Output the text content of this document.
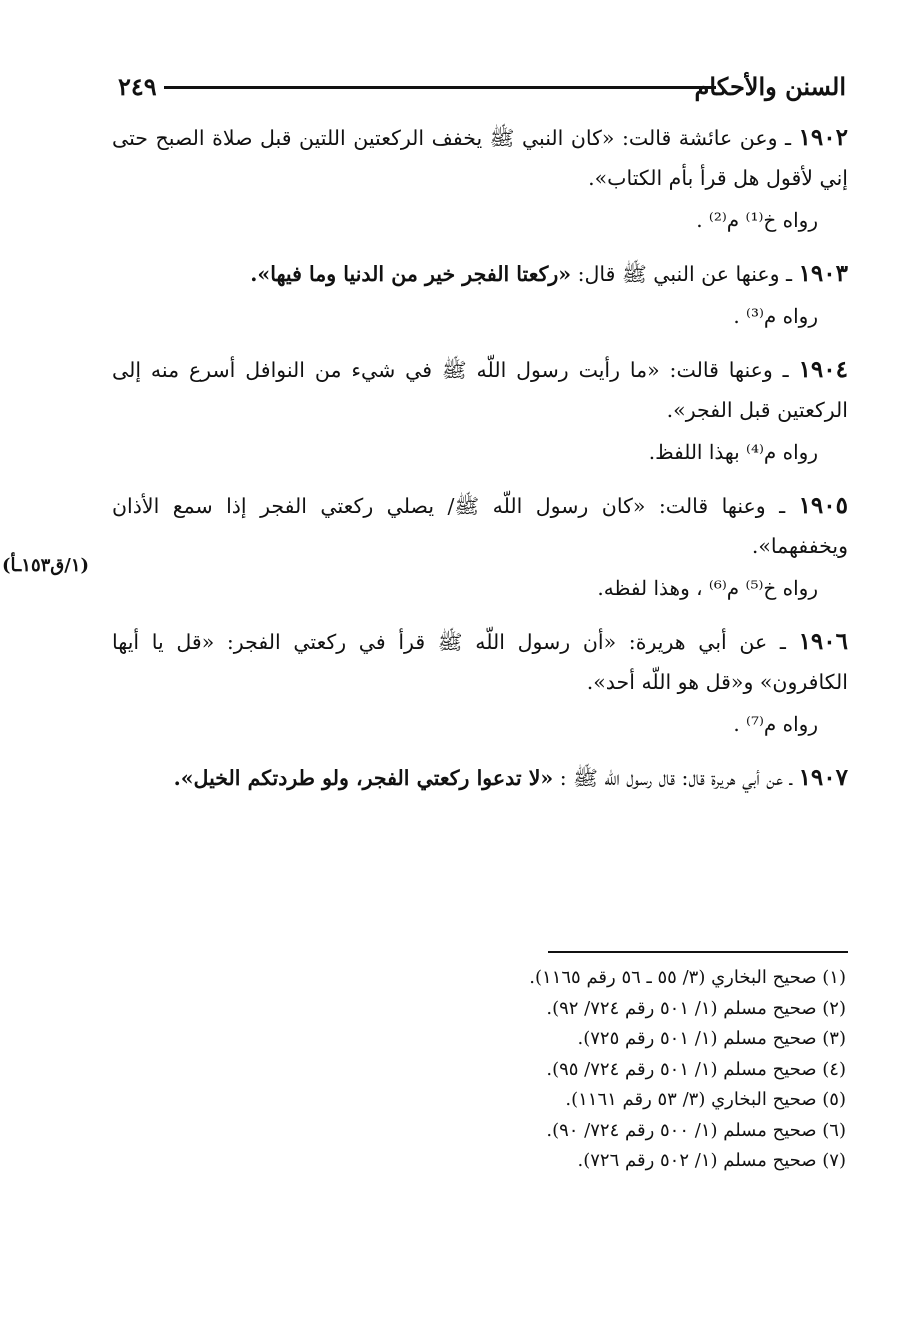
السنن والأحكام
٢٤٩

١٩٠٢ ـ وعن عائشة قالت: «كان النبي ﷺ يخفف الركعتين اللتين قبل صلاة الصبح حتى إني لأقول هل قرأ بأم الكتاب».

رواه خ⁽¹⁾ م⁽²⁾ .

١٩٠٣ ـ وعنها عن النبي ﷺ قال: «ركعتا الفجر خير من الدنيا وما فيها».

رواه م⁽³⁾ .

١٩٠٤ ـ وعنها قالت: «ما رأيت رسول اللّه ﷺ في شيء من النوافل أسرع منه إلى الركعتين قبل الفجر».

رواه م⁽⁴⁾ بهذا اللفظ.

١٩٠٥ ـ وعنها قالت: «كان رسول اللّه ﷺ/ يصلي ركعتي الفجر إذا سمع الأذان ويخففهما».

رواه خ⁽⁵⁾ م⁽⁶⁾ ، وهذا لفظه.

١٩٠٦ ـ عن أبي هريرة: «أن رسول اللّه ﷺ قرأ في ركعتي الفجر: «قل يا أيها الكافرون» و«قل هو اللّه أحد».

رواه م⁽⁷⁾ .

١٩٠٧ ـ عن أبي هريرة قال: قال رسول اللّه ﷺ : «لا تدعوا ركعتي الفجر، ولو طردتكم الخيل».

(١/ق١٥٣ـأ)
(١) صحيح البخاري (٣/ ٥٥ ـ ٥٦ رقم ١١٦٥).
(٢) صحيح مسلم (١/ ٥٠١ رقم ٧٢٤/ ٩٢).
(٣) صحيح مسلم (١/ ٥٠١ رقم ٧٢٥).
(٤) صحيح مسلم (١/ ٥٠١ رقم ٧٢٤/ ٩٥).
(٥) صحيح البخاري (٣/ ٥٣ رقم ١١٦١).
(٦) صحيح مسلم (١/ ٥٠٠ رقم ٧٢٤/ ٩٠).
(٧) صحيح مسلم (١/ ٥٠٢ رقم ٧٢٦).
